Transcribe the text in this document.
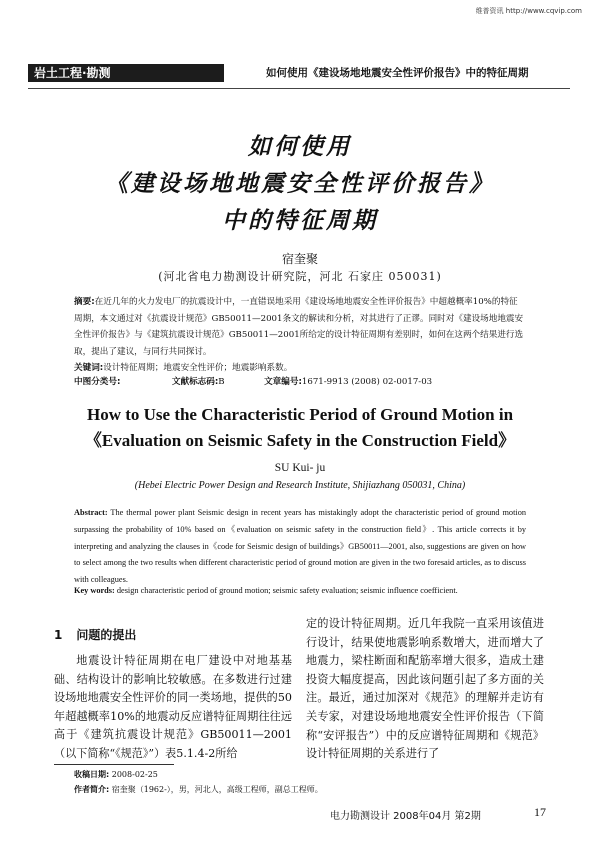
维普资讯 http://www.cqvip.com
岩土工程·勘测	如何使用《建设场地地震安全性评价报告》中的特征周期
如何使用
《建设场地地震安全性评价报告》
中的特征周期
宿奎聚
(河北省电力勘测设计研究院，河北 石家庄 050031)
摘要:在近几年的火力发电厂的抗震设计中，一直错误地采用《建设场地地震安全性评价报告》中超越概率10%的特征周期，本文通过对《抗震设计规范》GB50011—2001条文的解读和分析，对其进行了正谬。同时对《建设场地地震安全性评价报告》与《建筑抗震设计规范》GB50011—2001所给定的设计特征周期有差别时，如何在这两个结果进行选取，提出了建议，与同行共同探讨。
关键词:设计特征周期；地震安全性评价；地震影响系数。
中图分类号:	文献标志码:B	文章编号:1671-9913 (2008) 02-0017-03
How to Use the Characteristic Period of Ground Motion in
《Evaluation on Seismic Safety in the Construction Field》
SU Kui- ju
(Hebei Electric Power Design and Research Institute, Shijiazhang 050031, China)
Abstract: The thermal power plant Seismic design in recent years has mistakingly adopt the characteristic period of ground motion surpassing the probability of 10% based on《evaluation on seismic safety in the construction field》. This article corrects it by interpreting and analyzing the clauses in《code for Seismic design of buildings》GB50011—2001, also, suggestions are given on how to select among the two results when different characteristic period of ground motion are given in the two foresaid articles, as to discuss with colleagues.
Key words: design characteristic period of ground motion; seismic safety evaluation; seismic influence coefficient.
1 问题的提出
地震设计特征周期在电厂建设中对地基基础、结构设计的影响比较敏感。在多数进行过建设场地地震安全性评价的同一类场地，提供的50年超越概率10%的地震动反应谱特征周期往往远高于《建筑抗震设计规范》GB50011—2001（以下简称“《规范》”）表5.1.4-2所给
定的设计特征周期。近几年我院一直采用该值进行设计，结果使地震影响系数增大，进而增大了地震力，梁柱断面和配筋率增大很多，造成土建投资大幅度提高，因此该问题引起了多方面的关注。最近，通过加深对《规范》的理解并走访有关专家，对建设场地地震安全性评价报告（下简称“安评报告”）中的反应谱特征周期和《规范》设计特征周期的关系进行了
收稿日期: 2008-02-25
作者简介: 宿奎聚（1962-），男，河北人，高级工程师，副总工程师。
电力勘测设计 2008年04月 第2期	17
